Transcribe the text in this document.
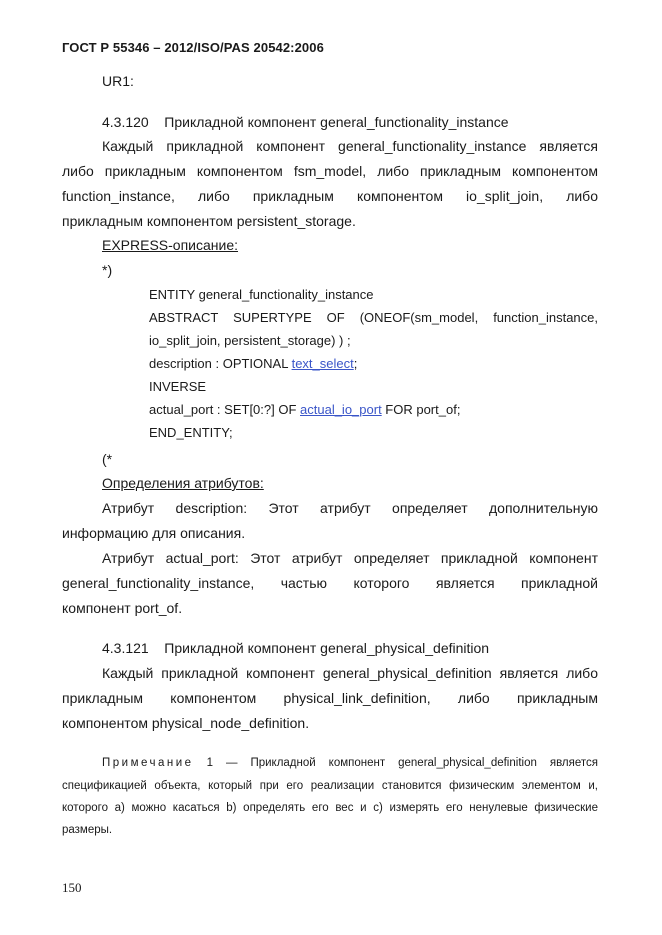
ГОСТ Р 55346 – 2012/ISO/PAS 20542:2006
UR1:
4.3.120    Прикладной компонент general_functionality_instance
Каждый прикладной компонент general_functionality_instance является
либо прикладным компонентом fsm_model, либо прикладным компонентом
function_instance, либо прикладным компонентом io_split_join, либо
прикладным компонентом persistent_storage.
EXPRESS-описание:
*)
ENTITY general_functionality_instance
ABSTRACT SUPERTYPE OF (ONEOF(sm_model, function_instance,
io_split_join, persistent_storage) ) ;
description : OPTIONAL text_select;
INVERSE
actual_port : SET[0:?] OF actual_io_port FOR port_of;
END_ENTITY;
(*
Определения атрибутов:
Атрибут description: Этот атрибут определяет дополнительную
информацию для описания.
Атрибут actual_port: Этот атрибут определяет прикладной компонент
general_functionality_instance, частью которого является прикладной
компонент port_of.
4.3.121    Прикладной компонент general_physical_definition
Каждый прикладной компонент general_physical_definition является либо
прикладным компонентом physical_link_definition, либо прикладным
компонентом physical_node_definition.
Примечание 1 — Прикладной компонент general_physical_definition является
спецификацией объекта, который при его реализации становится физическим элементом и,
которого а) можно касаться b) определять его вес и с) измерять его ненулевые физические
размеры.
150
